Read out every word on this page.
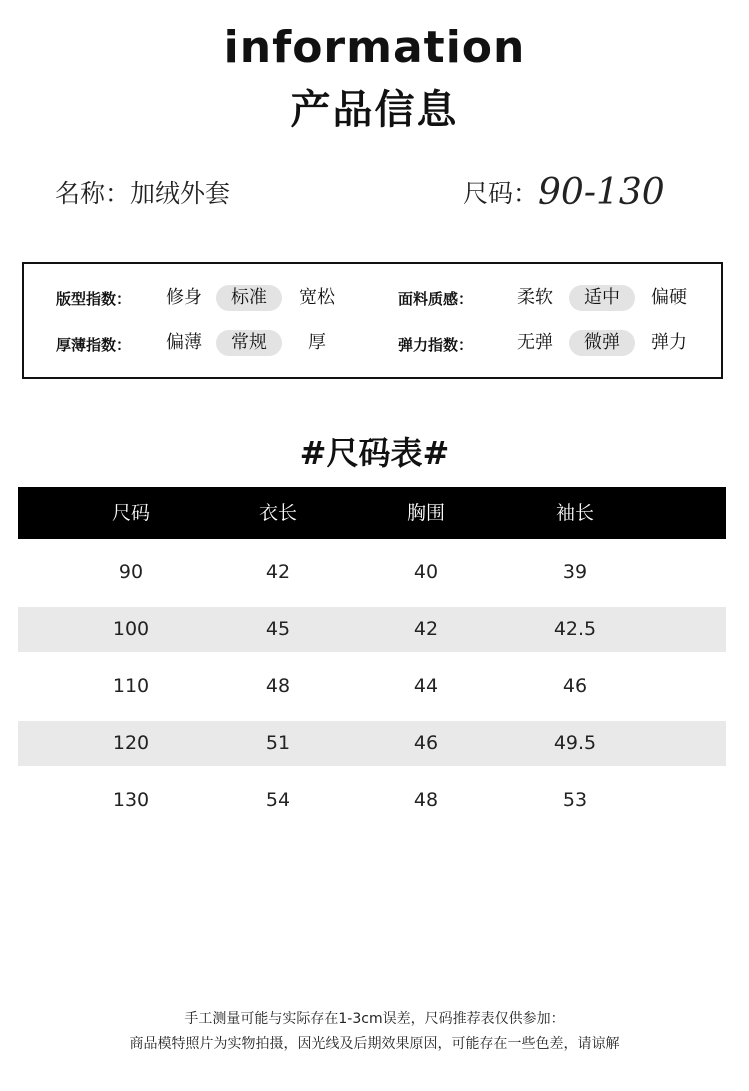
information
产品信息
名称：加绒外套	尺码：90-130
版型指数：	修身	标准	宽松	面料质感：	柔软	适中	偏硬
厚薄指数：	偏薄	常规	厚	弹力指数：	无弹	微弹	弹力
#尺码表#
尺码	衣长	胸围	袖长
90	42	40	39
100	45	42	42.5
110	48	44	46
120	51	46	49.5
130	54	48	53
手工测量可能与实际存在1-3cm误差，尺码推荐表仅供参加：
商品模特照片为实物拍摄，因光线及后期效果原因，可能存在一些色差，请谅解
